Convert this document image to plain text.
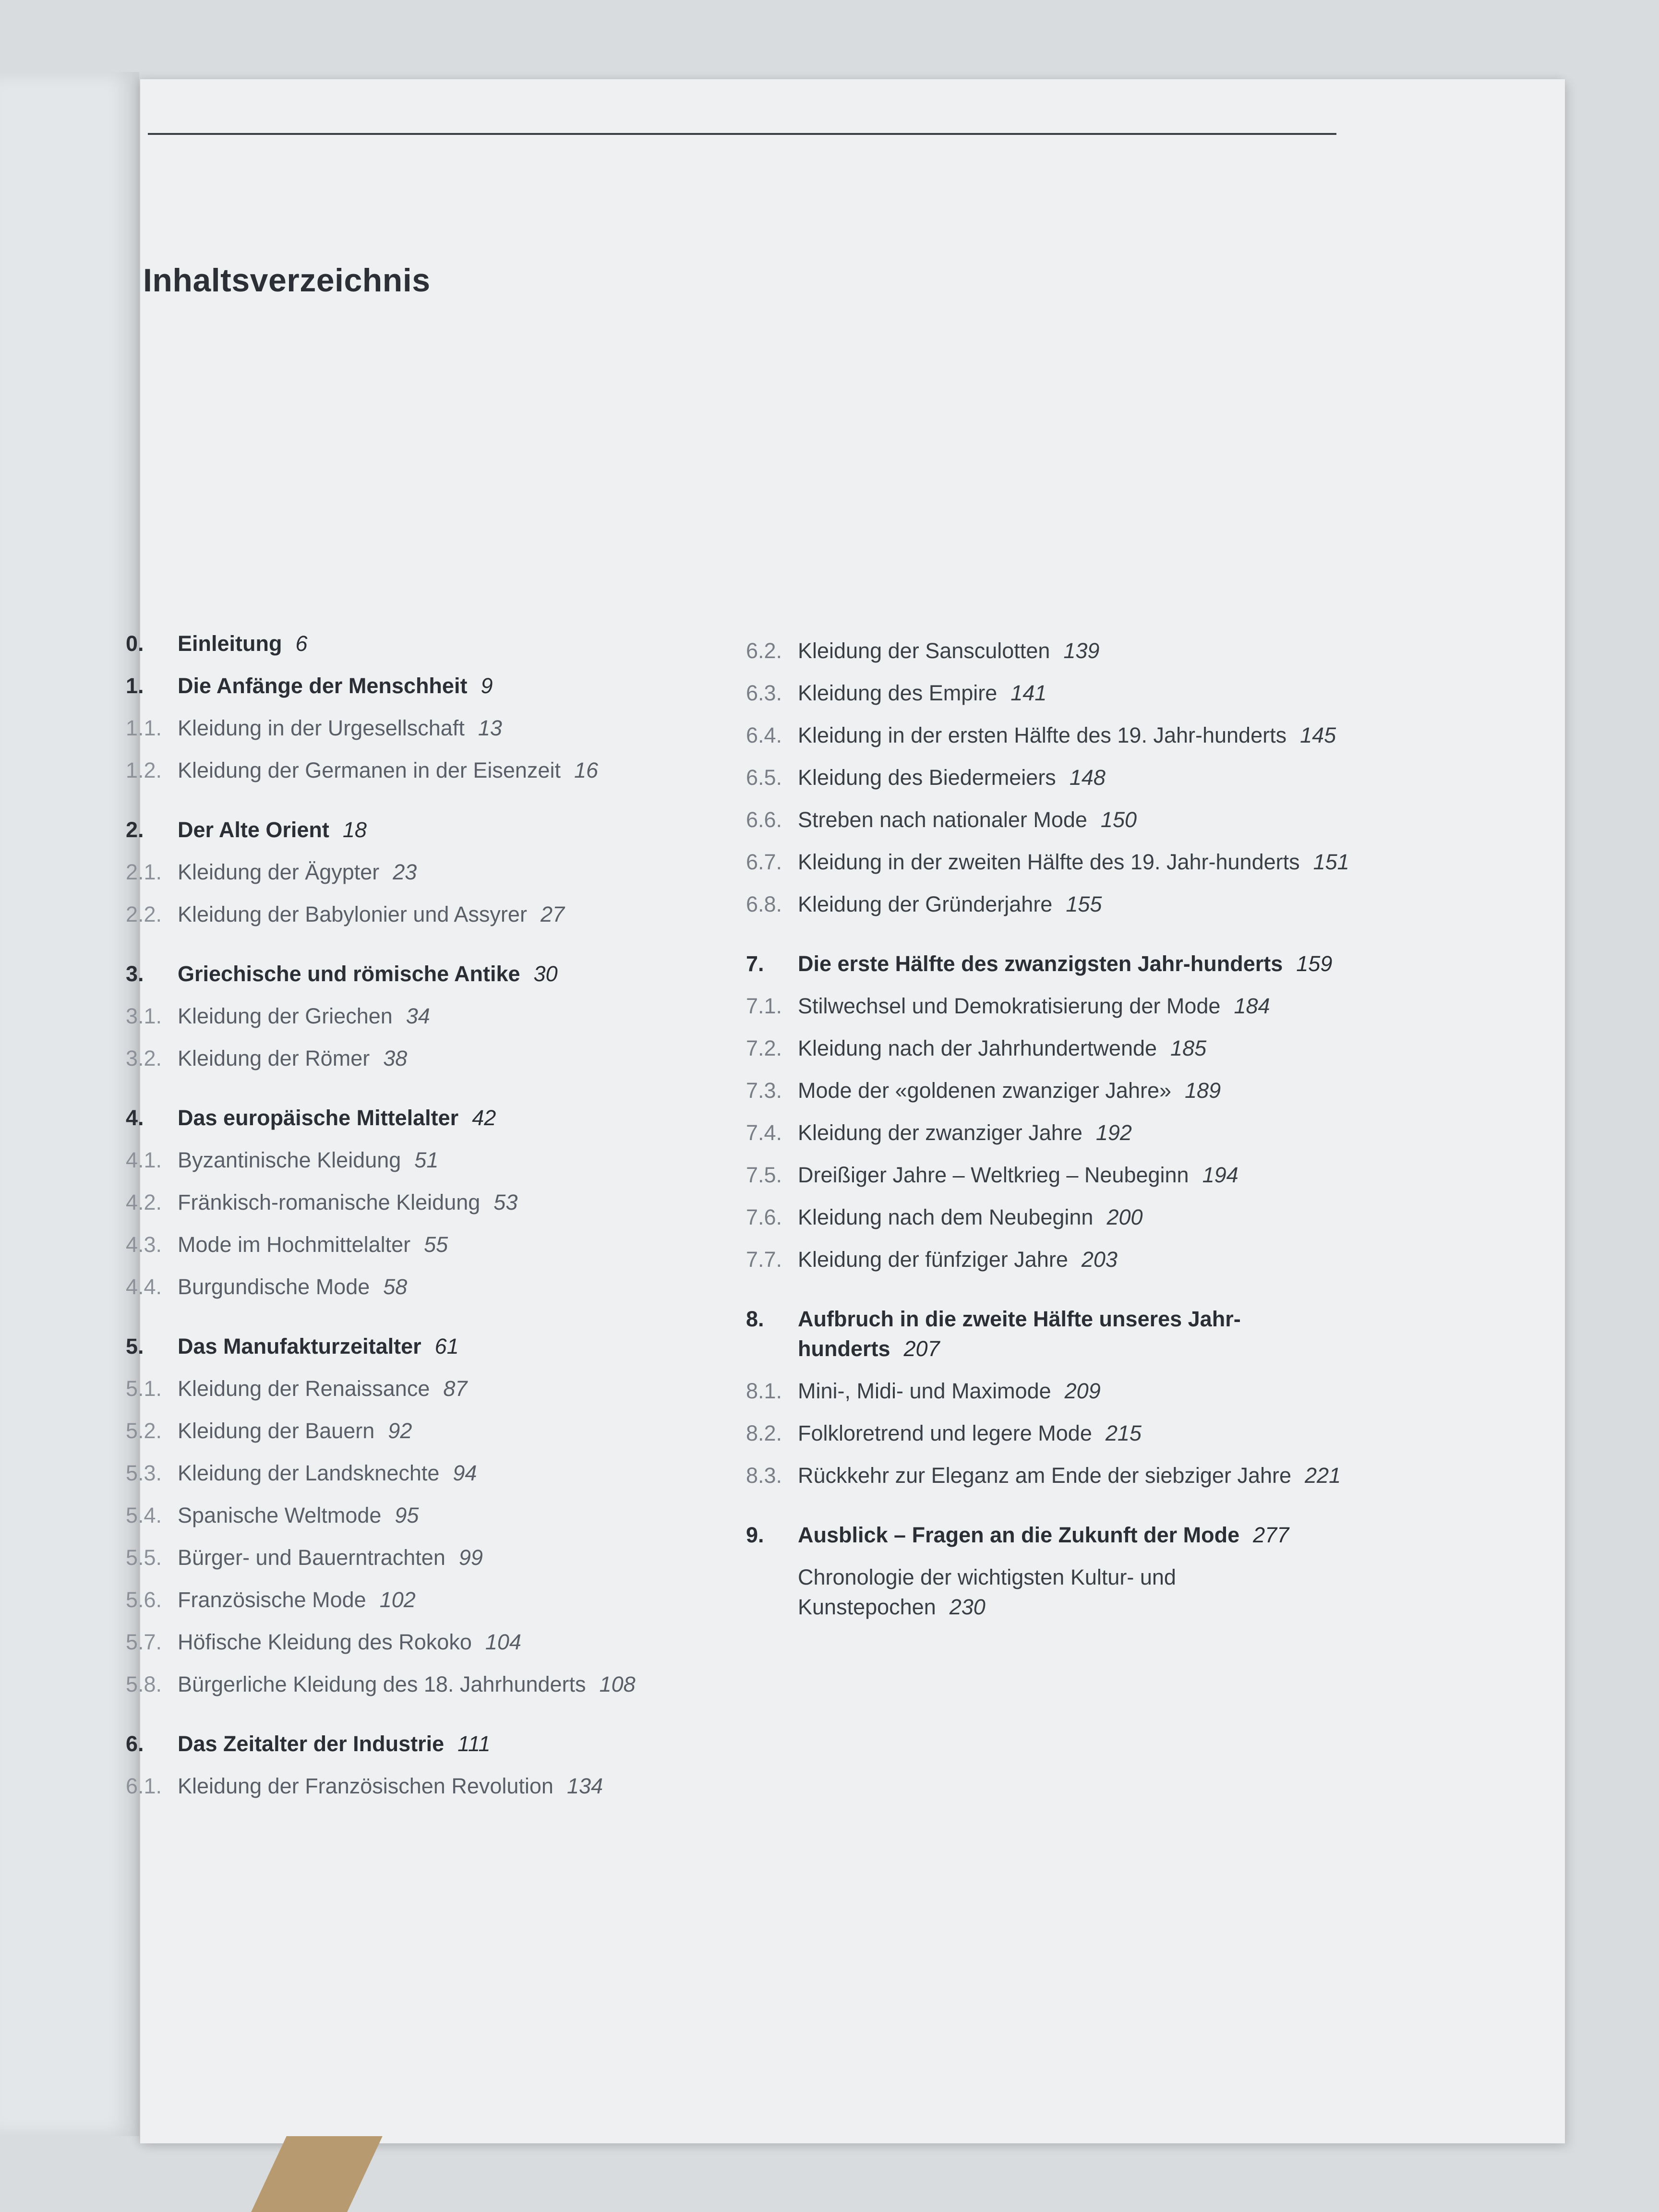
Inhaltsverzeichnis
0.	Einleitung 6
1.	Die Anfänge der Menschheit 9
1.1. Kleidung in der Urgesellschaft 13
1.2. Kleidung der Germanen in der Eisenzeit 16
2.	Der Alte Orient 18
2.1. Kleidung der Ägypter 23
2.2. Kleidung der Babylonier und Assyrer 27
3.	Griechische und römische Antike 30
3.1. Kleidung der Griechen 34
3.2. Kleidung der Römer 38
4.	Das europäische Mittelalter 42
4.1. Byzantinische Kleidung 51
4.2. Fränkisch-romanische Kleidung 53
4.3. Mode im Hochmittelalter 55
4.4. Burgundische Mode 58
5.	Das Manufakturzeitalter 61
5.1. Kleidung der Renaissance 87
5.2. Kleidung der Bauern 92
5.3. Kleidung der Landsknechte 94
5.4. Spanische Weltmode 95
5.5. Bürger- und Bauerntrachten 99
5.6. Französische Mode 102
5.7. Höfische Kleidung des Rokoko 104
5.8. Bürgerliche Kleidung des 18. Jahrhunderts 108
6.	Das Zeitalter der Industrie 111
6.1. Kleidung der Französischen Revolution 134
6.2. Kleidung der Sansculotten 139
6.3. Kleidung des Empire 141
6.4. Kleidung in der ersten Hälfte des 19. Jahr-hunderts 145
6.5. Kleidung des Biedermeiers 148
6.6. Streben nach nationaler Mode 150
6.7. Kleidung in der zweiten Hälfte des 19. Jahr-hunderts 151
6.8. Kleidung der Gründerjahre 155
7.	Die erste Hälfte des zwanzigsten Jahr-hunderts 159
7.1. Stilwechsel und Demokratisierung der Mode 184
7.2. Kleidung nach der Jahrhundertwende 185
7.3. Mode der «goldenen zwanziger Jahre» 189
7.4. Kleidung der zwanziger Jahre 192
7.5. Dreißiger Jahre – Weltkrieg – Neubeginn 194
7.6. Kleidung nach dem Neubeginn 200
7.7. Kleidung der fünfziger Jahre 203
8.	Aufbruch in die zweite Hälfte unseres Jahr-hunderts 207
8.1. Mini-, Midi- und Maximode 209
8.2. Folkloretrend und legere Mode 215
8.3. Rückkehr zur Eleganz am Ende der siebziger Jahre 221
9.	Ausblick – Fragen an die Zukunft der Mode 277
Chronologie der wichtigsten Kultur- und Kunstepochen 230
